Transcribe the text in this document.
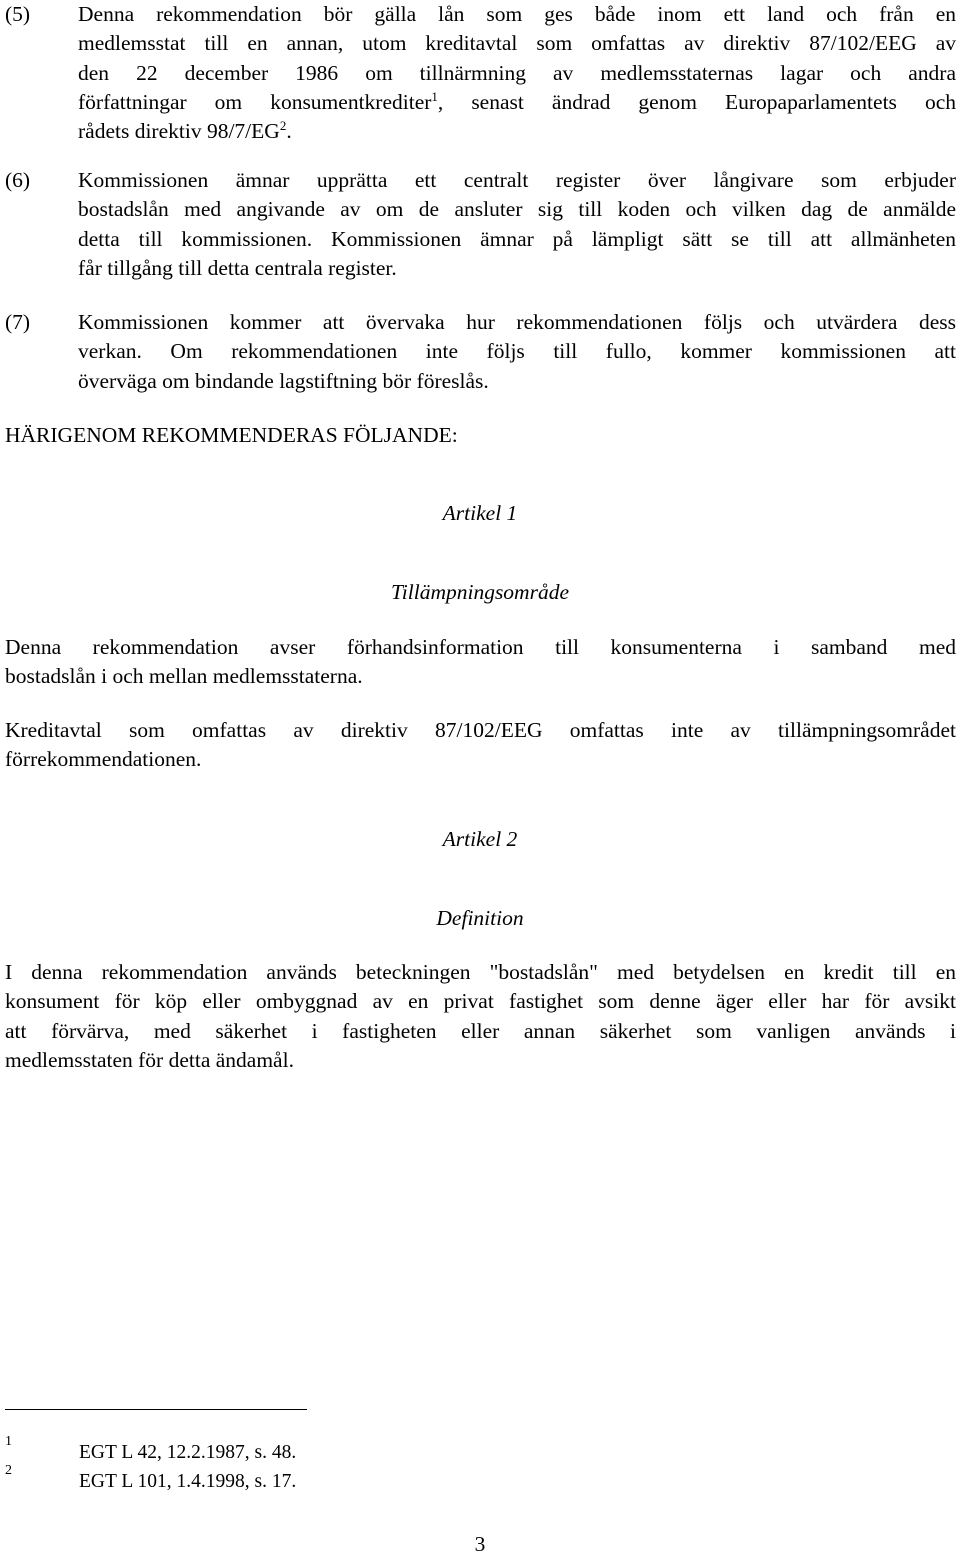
(5) Denna rekommendation bör gälla lån som ges både inom ett land och från en
medlemsstat till en annan, utom kreditavtal som omfattas av direktiv 87/102/EEG av
den 22 december 1986 om tillnärmning av medlemsstaternas lagar och andra
författningar om konsumentkrediter$^1$, senast ändrad genom Europaparlamentets och
rådets direktiv $98/7/EG^2$.
(6) Kommissionen ämnar upprätta ett centralt register över långivare som erbjuder
bostadslån med angivande av om de ansluter sig till koden och vilken dag de anmälde
detta till kommissionen. Kommissionen ämnar på lämpligt sätt se till att allmänheten
får tillgång till detta centrala register.
(7) Kommissionen kommer att övervaka hur rekommendationen följs och utvärdera dess
verkan. Om rekommendationen inte följs till fullo, kommer kommissionen att
överväga om bindande lagstiftning bör föreslås.

HÄRIGENOM REKOMMENDERAS FÖLJANDE:

Artikel 1

Tillämpningsområde

Denna rekommendation avser förhandsinformation till konsumenterna i samband med
bostadslån i och mellan medlemsstaterna.
Kreditavtal som omfattas av direktiv 87/102/EEG omfattas inte av tillämpningsområdet
förrekommendationen.

Artikel 2

Definition

I denna rekommendation används beteckningen "bostadslån" med betydelsen en kredit till en
konsument för köp eller ombyggnad av en privat fastighet som denne äger eller har för avsikt
att förvärva, med säkerhet i fastigheten eller annan säkerhet som vanligen används i
medlemsstaten för detta ändamål.
1
EGT L 42, 12.2.1987, s. 48.
2
EGT L 101, 1.4.1998, s. 17.
3
